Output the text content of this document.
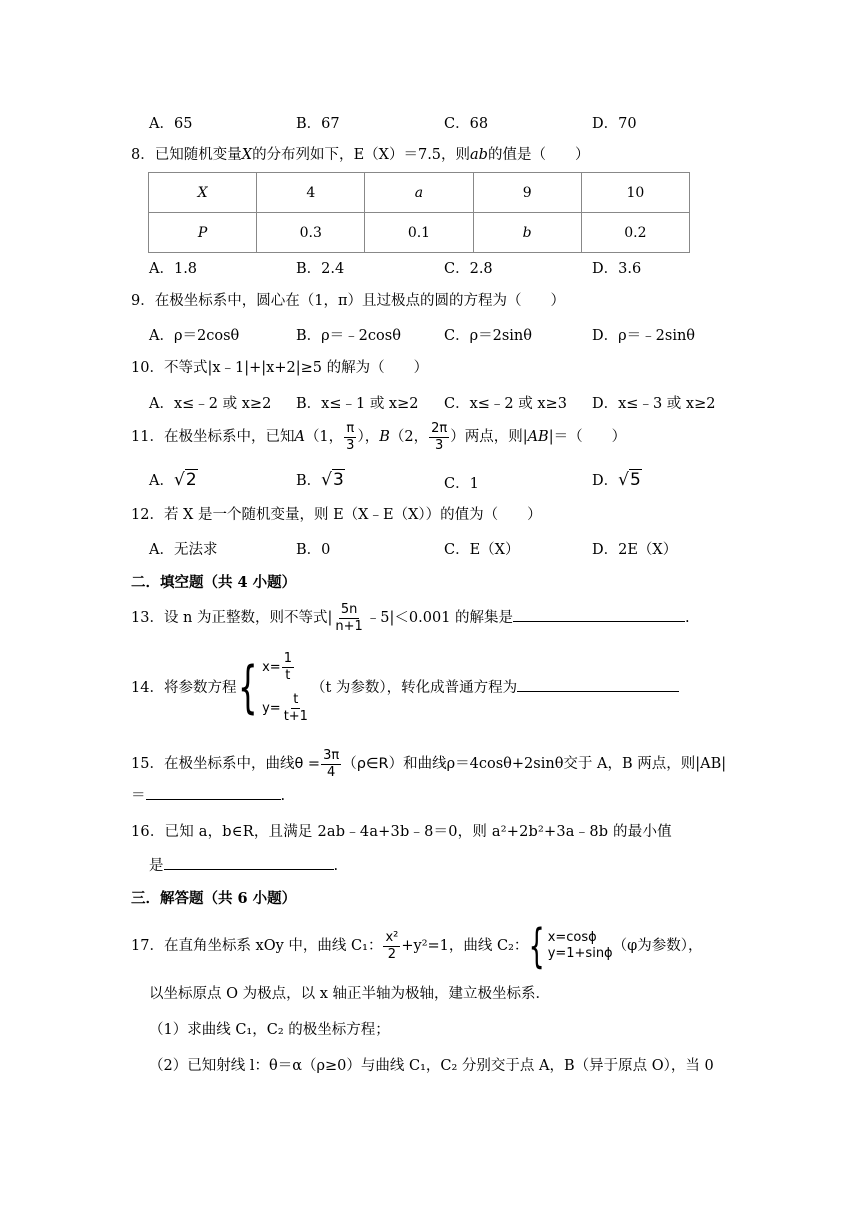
A．65	B．67	C．68	D．70
8．已知随机变量X的分布列如下，E（X）＝7.5，则ab的值是（　　）
X	4	a	9	10
P	0.3	0.1	b	0.2
A．1.8	B．2.4	C．2.8	D．3.6
9．在极坐标系中，圆心在（1，π）且过极点的圆的方程为（　　）
A．ρ＝2cosθ	B．ρ＝﹣2cosθ	C．ρ＝2sinθ	D．ρ＝﹣2sinθ
10．不等式|x﹣1|+|x+2|≥5 的解为（　　）
A．x≤﹣2 或 x≥2 B．x≤﹣1 或 x≥2 C．x≤﹣2 或 x≥3 D．x≤﹣3 或 x≥2
11．在极坐标系中，已知A（1， $\frac{\pi}{3}$ ），B（2， $\frac{2\pi}{3}$ ）两点，则|AB|＝（　　）
A．√2	B．√3	C．1	D．√5
12．若 X 是一个随机变量，则 E（X﹣E（X））的值为（　　）
A．无法求	B．0	C．E（X）	D．2E（X）
二．填空题（共 4 小题）
13．设 n 为正整数，则不等式| $\frac{5n}{n+1}$ ﹣5|＜0.001 的解集是	.
14．将参数方程 { $x= \frac{1}{t}$
$y= \frac{t}{t+1}$
（t 为参数），转化成普通方程为
15．在极坐标系中，曲线$\theta = \frac{3\pi}{4}$ （ρ∈R）和曲线ρ＝4cosθ+2sinθ交于 A，B 两点，则|AB|
＝	.
16．已知 a，b∈R，且满足 2ab﹣4a+3b﹣8＝0，则 a²+2b²+3a﹣8b 的最小值
是	.
三．解答题（共 6 小题）
17．在直角坐标系 xOy 中，曲线 C₁： $\frac{\text{x²}}{2} +y^2=1$，曲线 C₂： { x=cosϕ
y=1+sinϕ （φ为参数），
以坐标原点 O 为极点，以 x 轴正半轴为极轴，建立极坐标系．
（1）求曲线 C₁，C₂ 的极坐标方程；
（2）已知射线 l：θ＝α（ρ≥0）与曲线 C₁，C₂ 分别交于点 A，B（异于原点 O），当 0
